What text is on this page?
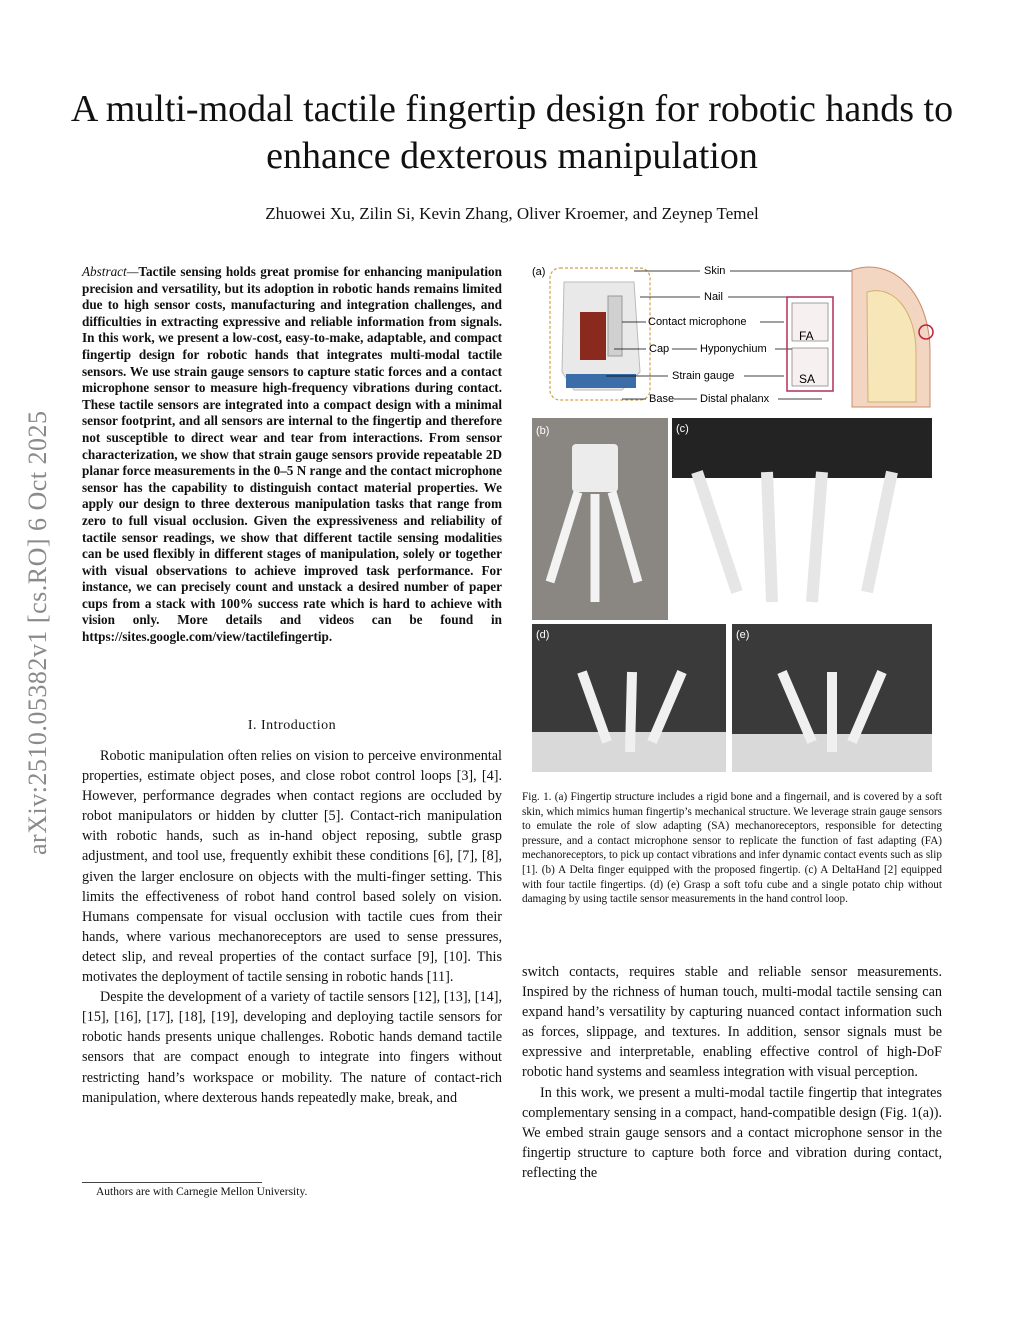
arXiv:2510.05382v1 [cs.RO] 6 Oct 2025
A multi-modal tactile fingertip design for robotic hands to enhance dexterous manipulation
Zhuowei Xu, Zilin Si, Kevin Zhang, Oliver Kroemer, and Zeynep Temel
Abstract—Tactile sensing holds great promise for enhancing manipulation precision and versatility, but its adoption in robotic hands remains limited due to high sensor costs, manufacturing and integration challenges, and difficulties in extracting expressive and reliable information from signals. In this work, we present a low-cost, easy-to-make, adaptable, and compact fingertip design for robotic hands that integrates multi-modal tactile sensors. We use strain gauge sensors to capture static forces and a contact microphone sensor to measure high-frequency vibrations during contact. These tactile sensors are integrated into a compact design with a minimal sensor footprint, and all sensors are internal to the fingertip and therefore not susceptible to direct wear and tear from interactions. From sensor characterization, we show that strain gauge sensors provide repeatable 2D planar force measurements in the 0–5 N range and the contact microphone sensor has the capability to distinguish contact material properties. We apply our design to three dexterous manipulation tasks that range from zero to full visual occlusion. Given the expressiveness and reliability of tactile sensor readings, we show that different tactile sensing modalities can be used flexibly in different stages of manipulation, solely or together with visual observations to achieve improved task performance. For instance, we can precisely count and unstack a desired number of paper cups from a stack with 100% success rate which is hard to achieve with vision only. More details and videos can be found in https://sites.google.com/view/tactilefingertip.
I. Introduction

Robotic manipulation often relies on vision to perceive environmental properties, estimate object poses, and close robot control loops [3], [4]. However, performance degrades when contact regions are occluded by robot manipulators or hidden by clutter [5]. Contact-rich manipulation with robotic hands, such as in-hand object reposing, subtle grasp adjustment, and tool use, frequently exhibit these conditions [6], [7], [8], given the larger enclosure on objects with the multi-finger setting. This limits the effectiveness of robot hand control based solely on vision. Humans compensate for visual occlusion with tactile cues from their hands, where various mechanoreceptors are used to sense pressures, detect slip, and reveal properties of the contact surface [9], [10]. This motivates the deployment of tactile sensing in robotic hands [11].

Despite the development of a variety of tactile sensors [12], [13], [14], [15], [16], [17], [18], [19], developing and deploying tactile sensors for robotic hands presents unique challenges. Robotic hands demand tactile sensors that are compact enough to integrate into fingers without restricting hand’s workspace or mobility. The nature of contact-rich manipulation, where dexterous hands repeatedly make, break, and

Authors are with Carnegie Mellon University.
(a)	Skin
Nail
Contact microphone
Cap	Hyponychium
Strain gauge
Base Distal phalanx
FA
SA
(b)	(c)
(d)	(e)
Fig. 1. (a) Fingertip structure includes a rigid bone and a fingernail, and is covered by a soft skin, which mimics human fingertip’s mechanical structure. We leverage strain gauge sensors to emulate the role of slow adapting (SA) mechanoreceptors, responsible for detecting pressure, and a contact microphone sensor to replicate the function of fast adapting (FA) mechanoreceptors, to pick up contact vibrations and infer dynamic contact events such as slip [1]. (b) A Delta finger equipped with the proposed fingertip. (c) A DeltaHand [2] equipped with four tactile fingertips. (d) (e) Grasp a soft tofu cube and a single potato chip without damaging by using tactile sensor measurements in the hand control loop.

switch contacts, requires stable and reliable sensor measurements. Inspired by the richness of human touch, multi-modal tactile sensing can expand hand’s versatility by capturing nuanced contact information such as forces, slippage, and textures. In addition, sensor signals must be expressive and interpretable, enabling effective control of high-DoF robotic hand systems and seamless integration with visual perception.

In this work, we present a multi-modal tactile fingertip that integrates complementary sensing in a compact, hand-compatible design (Fig. 1(a)). We embed strain gauge sensors and a contact microphone sensor in the fingertip structure to capture both force and vibration during contact, reflecting the
